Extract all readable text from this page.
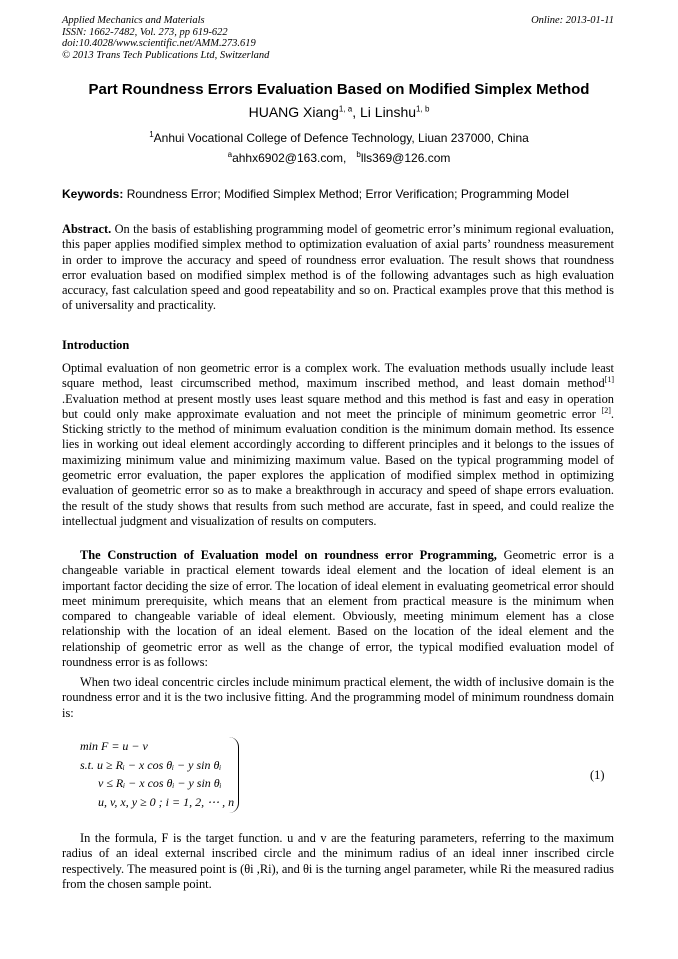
Applied Mechanics and Materials
ISSN: 1662-7482, Vol. 273, pp 619-622
doi:10.4028/www.scientific.net/AMM.273.619
© 2013 Trans Tech Publications Ltd, Switzerland
Online: 2013-01-11
Part Roundness Errors Evaluation Based on Modified Simplex Method
HUANG Xiang$^{1, a}$, Li Linshu$^{1, b}$
$^1$Anhui Vocational College of Defence Technology, Liuan 237000, China
$^a$ahhx6902@163.com, $^b$lls369@126.com
Keywords: Roundness Error; Modified Simplex Method; Error Verification; Programming Model

Abstract. On the basis of establishing programming model of geometric error’s minimum regional evaluation, this paper applies modified simplex method to optimization evaluation of axial parts’ roundness measurement in order to improve the accuracy and speed of roundness error evaluation. The result shows that roundness error evaluation based on modified simplex method is of the following advantages such as high evaluation accuracy, fast calculation speed and good repeatability and so on. Practical examples prove that this method is of universality and practicality.

Introduction

Optimal evaluation of non geometric error is a complex work. The evaluation methods usually include least square method, least circumscribed method, maximum inscribed method, and least domain method[1] .Evaluation method at present mostly uses least square method and this method is fast and easy in operation but could only make approximate evaluation and not meet the principle of minimum geometric error [2]. Sticking strictly to the method of minimum evaluation condition is the minimum domain method. Its essence lies in working out ideal element accordingly according to different principles and it belongs to the issues of maximizing minimum value and minimizing maximum value. Based on the typical programming model of geometric error evaluation, the paper explores the application of modified simplex method in optimizing evaluation of geometric error so as to make a breakthrough in accuracy and speed of shape errors evaluation. the result of the study shows that results from such method are accurate, fast in speed, and could realize the intellectual judgment and visualization of results on computers.

The Construction of Evaluation model on roundness error Programming, Geometric error is a changeable variable in practical element towards ideal element and the location of ideal element is an important factor deciding the size of error. The location of ideal element in evaluating geometrical error should meet minimum prerequisite, which means that an element from practical measure is the minimum when compared to changeable variable of ideal element. Obviously, meeting minimum element has a close relationship with the location of an ideal element. Based on the location of the ideal element and the relationship of geometric error as well as the change of error, the typical modified evaluation model of roundness error is as follows:

When two ideal concentric circles include minimum practical element, the width of inclusive domain is the roundness error and it is the two inclusive fitting. And the programming model of minimum roundness domain is:

min F = u − v
s.t. u ≥ Rᵢ − x cos θᵢ − y sin θᵢ
v ≤ Rᵢ − x cos θᵢ − y sin θᵢ
u, v, x, y ≥ 0 ; i = 1, 2, ⋯ , n
(1)

In the formula, F is the target function. u and v are the featuring parameters, referring to the maximum radius of an ideal external inscribed circle and the minimum radius of an ideal inner inscribed circle respectively. The measured point is (θi ,Ri), and θi is the turning angel parameter, while Ri the measured radius from the chosen sample point.
